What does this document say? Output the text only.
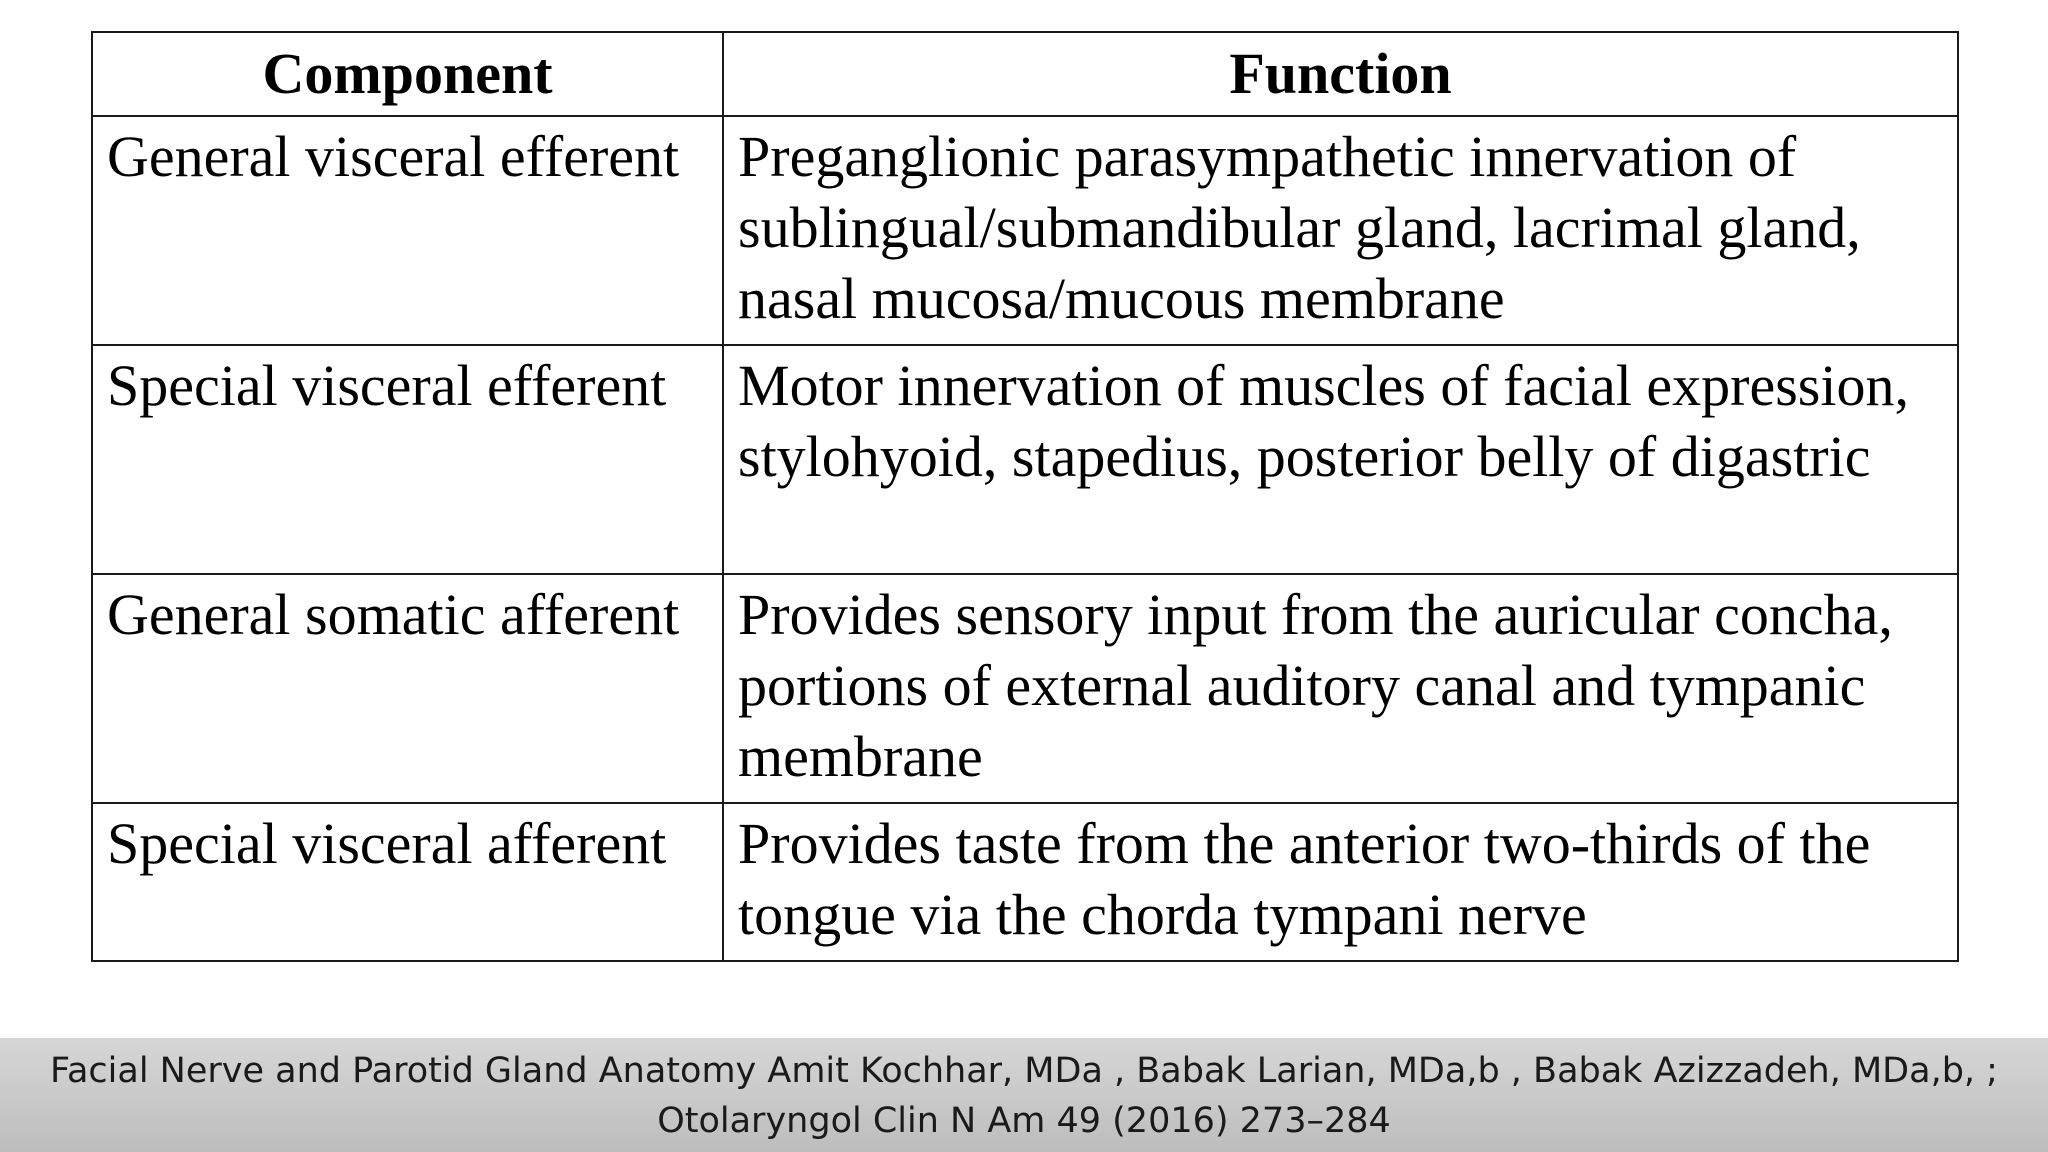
Component	Function
General visceral efferent	Preganglionic parasympathetic innervation of sublingual/submandibular gland, lacrimal gland, nasal mucosa/mucous membrane
Special visceral efferent	Motor innervation of muscles of facial expression, stylohyoid, stapedius, posterior belly of digastric
General somatic afferent	Provides sensory input from the auricular concha, portions of external auditory canal and tympanic membrane
Special visceral afferent	Provides taste from the anterior two-thirds of the tongue via the chorda tympani nerve
Facial Nerve and Parotid Gland Anatomy Amit Kochhar, MDa , Babak Larian, MDa,b , Babak Azizzadeh, MDa,b, ;
Otolaryngol Clin N Am 49 (2016) 273–284
